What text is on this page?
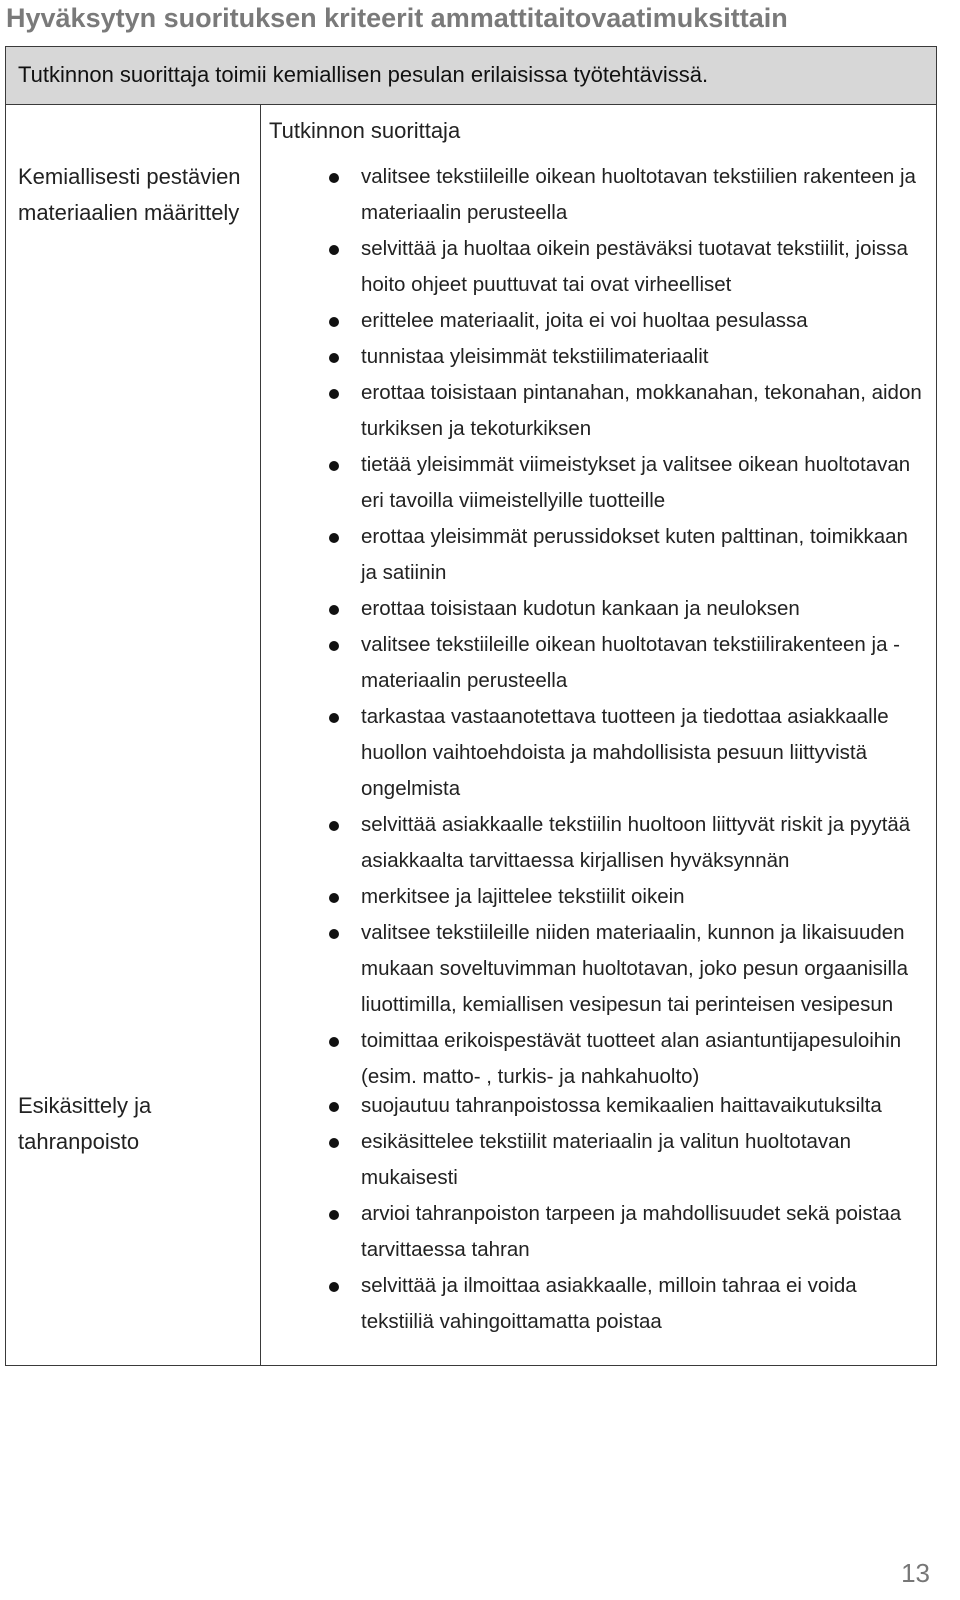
Hyväksytyn suorituksen kriteerit ammattitaitovaatimuksittain
Tutkinnon suorittaja toimii kemiallisen pesulan erilaisissa työtehtävissä.
Kemiallisesti pestävien materiaalien määrittely
Tutkinnon suorittaja
valitsee tekstiileille oikean huoltotavan tekstiilien rakenteen ja materiaalin perusteella
selvittää ja huoltaa oikein pestäväksi tuotavat tekstiilit, joissa hoito ohjeet puuttuvat tai ovat virheelliset
erittelee materiaalit, joita ei voi huoltaa pesulassa
tunnistaa yleisimmät tekstiilimateriaalit
erottaa toisistaan pintanahan, mokkanahan, tekonahan, aidon turkiksen ja tekoturkiksen
tietää yleisimmät viimeistykset ja valitsee oikean huoltotavan eri tavoilla viimeistellyille tuotteille
erottaa yleisimmät perussidokset kuten palttinan, toimikkaan ja satiinin
erottaa toisistaan kudotun kankaan ja neuloksen
valitsee tekstiileille oikean huoltotavan tekstiilirakenteen ja - materiaalin perusteella
tarkastaa vastaanotettava tuotteen ja tiedottaa asiakkaalle huollon vaihtoehdoista ja mahdollisista pesuun liittyvistä ongelmista
selvittää asiakkaalle tekstiilin huoltoon liittyvät riskit ja pyytää asiakkaalta tarvittaessa kirjallisen hyväksynnän
merkitsee ja lajittelee tekstiilit oikein
valitsee tekstiileille niiden materiaalin, kunnon ja likaisuuden mukaan soveltuvimman huoltotavan, joko pesun orgaanisilla liuottimilla, kemiallisen vesipesun tai perinteisen vesipesun
toimittaa erikoispestävät tuotteet alan asiantuntijapesuloihin (esim. matto- , turkis- ja nahkahuolto)
Esikäsittely ja tahranpoisto
suojautuu tahranpoistossa kemikaalien haittavaikutuksilta
esikäsittelee tekstiilit materiaalin ja valitun huoltotavan mukaisesti
arvioi tahranpoiston tarpeen ja mahdollisuudet sekä poistaa tarvittaessa tahran
selvittää ja ilmoittaa asiakkaalle, milloin tahraa ei voida tekstiiliä vahingoittamatta poistaa
13
